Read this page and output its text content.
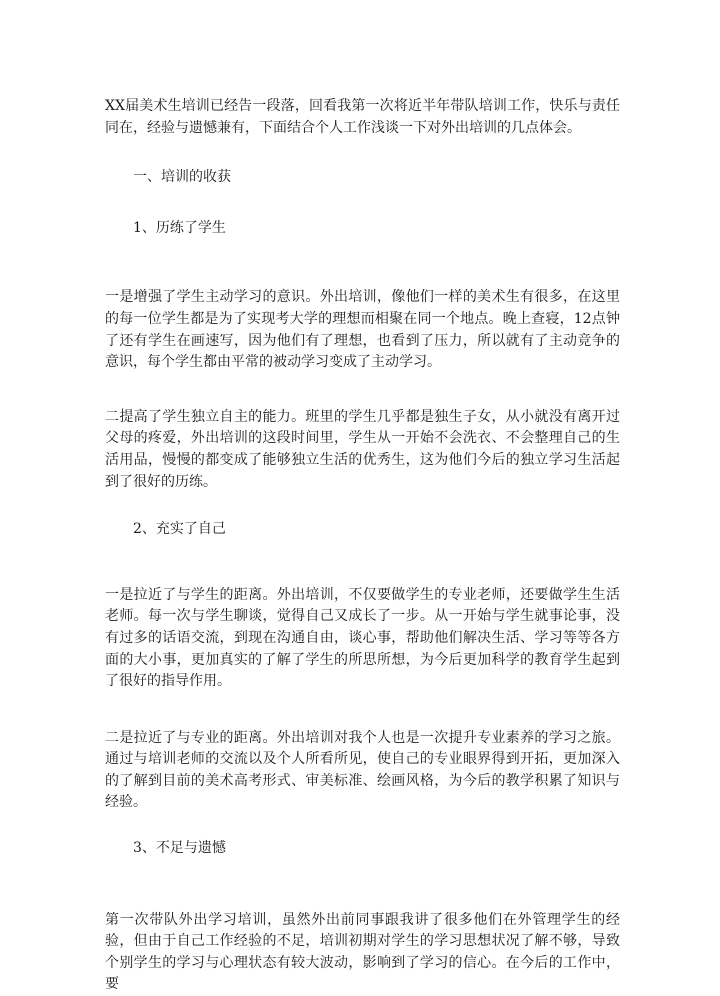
XX届美术生培训已经告一段落，回看我第一次将近半年带队培训工作，快乐与责任同在，经验与遗憾兼有，下面结合个人工作浅谈一下对外出培训的几点体会。

一、培训的收获

1、历练了学生

一是增强了学生主动学习的意识。外出培训，像他们一样的美术生有很多，在这里的每一位学生都是为了实现考大学的理想而相聚在同一个地点。晚上查寝，12点钟了还有学生在画速写，因为他们有了理想，也看到了压力，所以就有了主动竞争的意识，每个学生都由平常的被动学习变成了主动学习。

二提高了学生独立自主的能力。班里的学生几乎都是独生子女，从小就没有离开过父母的疼爱，外出培训的这段时间里，学生从一开始不会洗衣、不会整理自己的生活用品，慢慢的都变成了能够独立生活的优秀生，这为他们今后的独立学习生活起到了很好的历练。

2、充实了自己

一是拉近了与学生的距离。外出培训，不仅要做学生的专业老师，还要做学生生活老师。每一次与学生聊谈，觉得自己又成长了一步。从一开始与学生就事论事，没有过多的话语交流，到现在沟通自由，谈心事，帮助他们解决生活、学习等等各方面的大小事，更加真实的了解了学生的所思所想，为今后更加科学的教育学生起到了很好的指导作用。

二是拉近了与专业的距离。外出培训对我个人也是一次提升专业素养的学习之旅。通过与培训老师的交流以及个人所看所见，使自己的专业眼界得到开拓，更加深入的了解到目前的美术高考形式、审美标准、绘画风格，为今后的教学积累了知识与经验。

3、不足与遗憾

第一次带队外出学习培训，虽然外出前同事跟我讲了很多他们在外管理学生的经验，但由于自己工作经验的不足，培训初期对学生的学习思想状况了解不够，导致个别学生的学习与心理状态有较大波动，影响到了学习的信心。在今后的工作中，要
